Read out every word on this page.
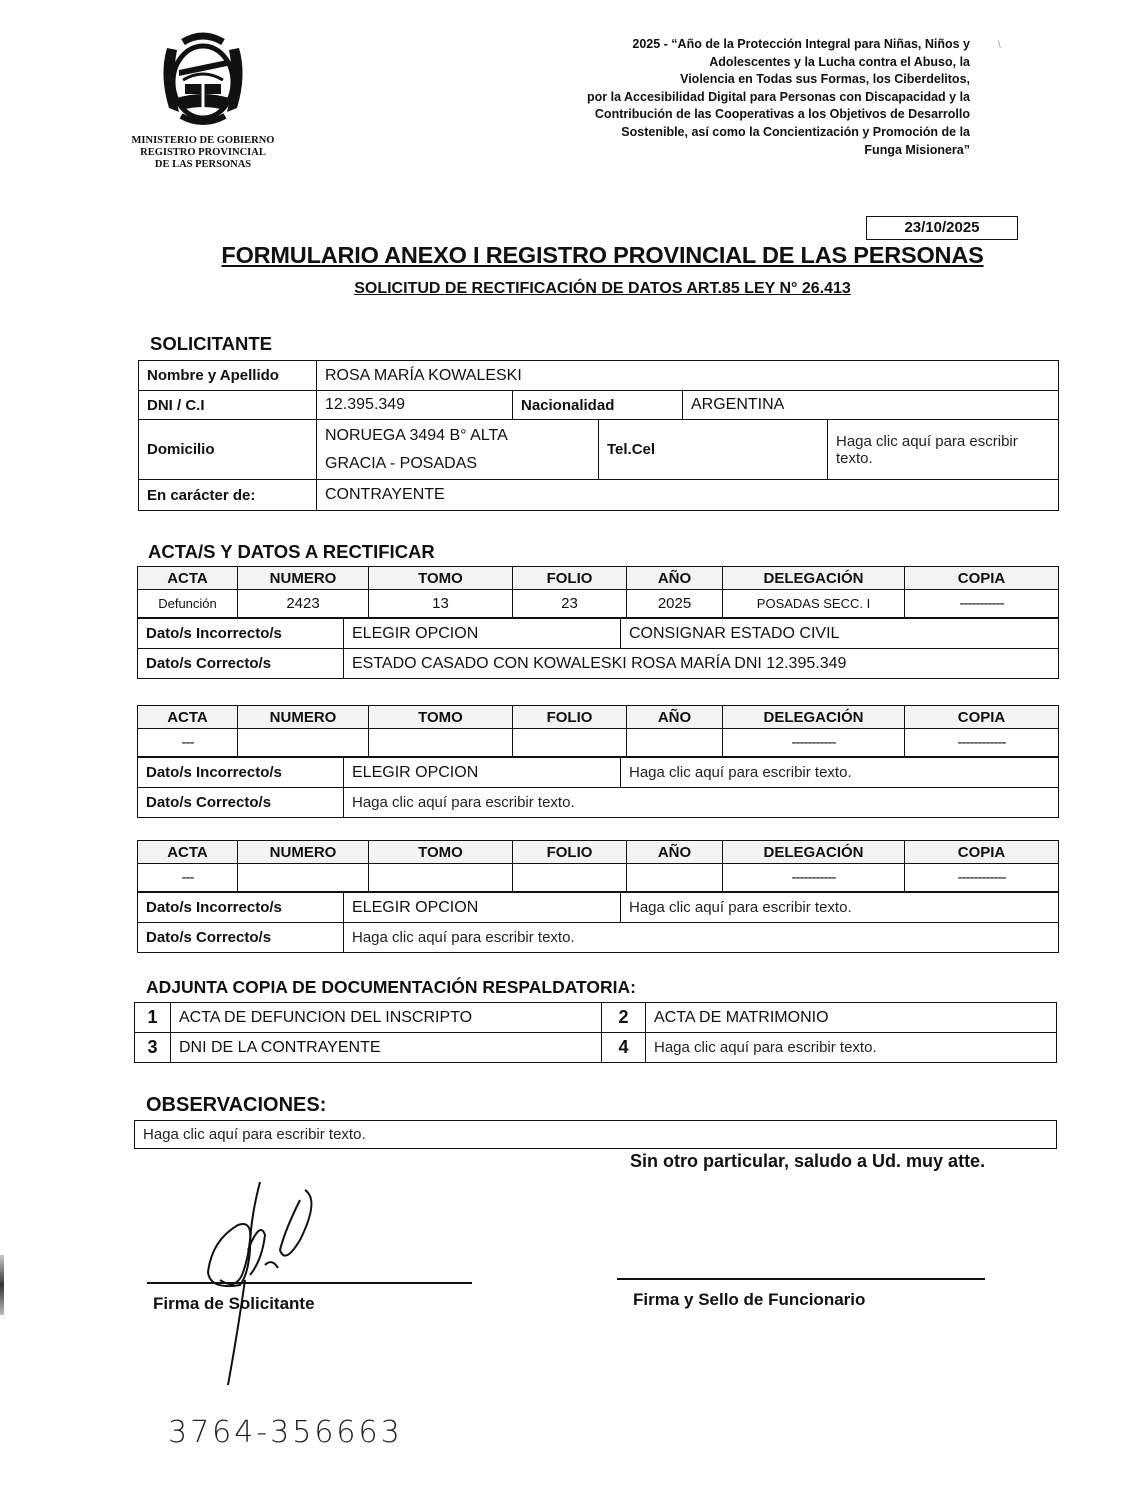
MINISTERIO DE GOBIERNO
REGISTRO PROVINCIAL
DE LAS PERSONAS
2025 - “Año de la Protección Integral para Niñas, Niños y
Adolescentes y la Lucha contra el Abuso, la
Violencia en Todas sus Formas, los Ciberdelitos,
por la Accesibilidad Digital para Personas con Discapacidad y la
Contribución de las Cooperativas a los Objetivos de Desarrollo
Sostenible, así como la Concientización y Promoción de la
Funga Misionera”
\
23/10/2025
FORMULARIO ANEXO I REGISTRO PROVINCIAL DE LAS PERSONAS
SOLICITUD DE RECTIFICACIÓN DE DATOS ART.85 LEY N° 26.413
SOLICITANTE
Nombre y Apellido	ROSA MARÍA KOWALESKI				
DNI / C.I	12.395.349	Nacionalidad		ARGENTINA	
Domicilio	NORUEGA 3494 B° ALTA
GRACIA - POSADAS		Tel.Cel		Haga clic aquí para escribir texto.
En carácter de:	CONTRAYENTE				
ACTA/S Y DATOS A RECTIFICAR
ACTA	NUMERO	TOMO	FOLIO	AÑO	DELEGACIÓN	COPIA
Defunción	2423	13	23	2025	POSADAS SECC. I	-----------
Dato/s Incorrecto/s	ELEGIR OPCION	CONSIGNAR ESTADO CIVIL
Dato/s Correcto/s	ESTADO CASADO CON KOWALESKI ROSA MARÍA DNI 12.395.349	
ACTA	NUMERO	TOMO	FOLIO	AÑO	DELEGACIÓN	COPIA
---					-----------	------------
Dato/s Incorrecto/s	ELEGIR OPCION	Haga clic aquí para escribir texto.
Dato/s Correcto/s	Haga clic aquí para escribir texto.	
ACTA	NUMERO	TOMO	FOLIO	AÑO	DELEGACIÓN	COPIA
---					-----------	------------
Dato/s Incorrecto/s	ELEGIR OPCION	Haga clic aquí para escribir texto.
Dato/s Correcto/s	Haga clic aquí para escribir texto.	
ADJUNTA COPIA DE DOCUMENTACIÓN RESPALDATORIA:
1	ACTA DE DEFUNCION DEL INSCRIPTO	2	ACTA DE MATRIMONIO
3	DNI DE LA CONTRAYENTE	4	Haga clic aquí para escribir texto.
OBSERVACIONES:
Haga clic aquí para escribir texto.
Sin otro particular, saludo a Ud. muy atte.
Firma de Solicitante	Firma y Sello de Funcionario
3764-356663
